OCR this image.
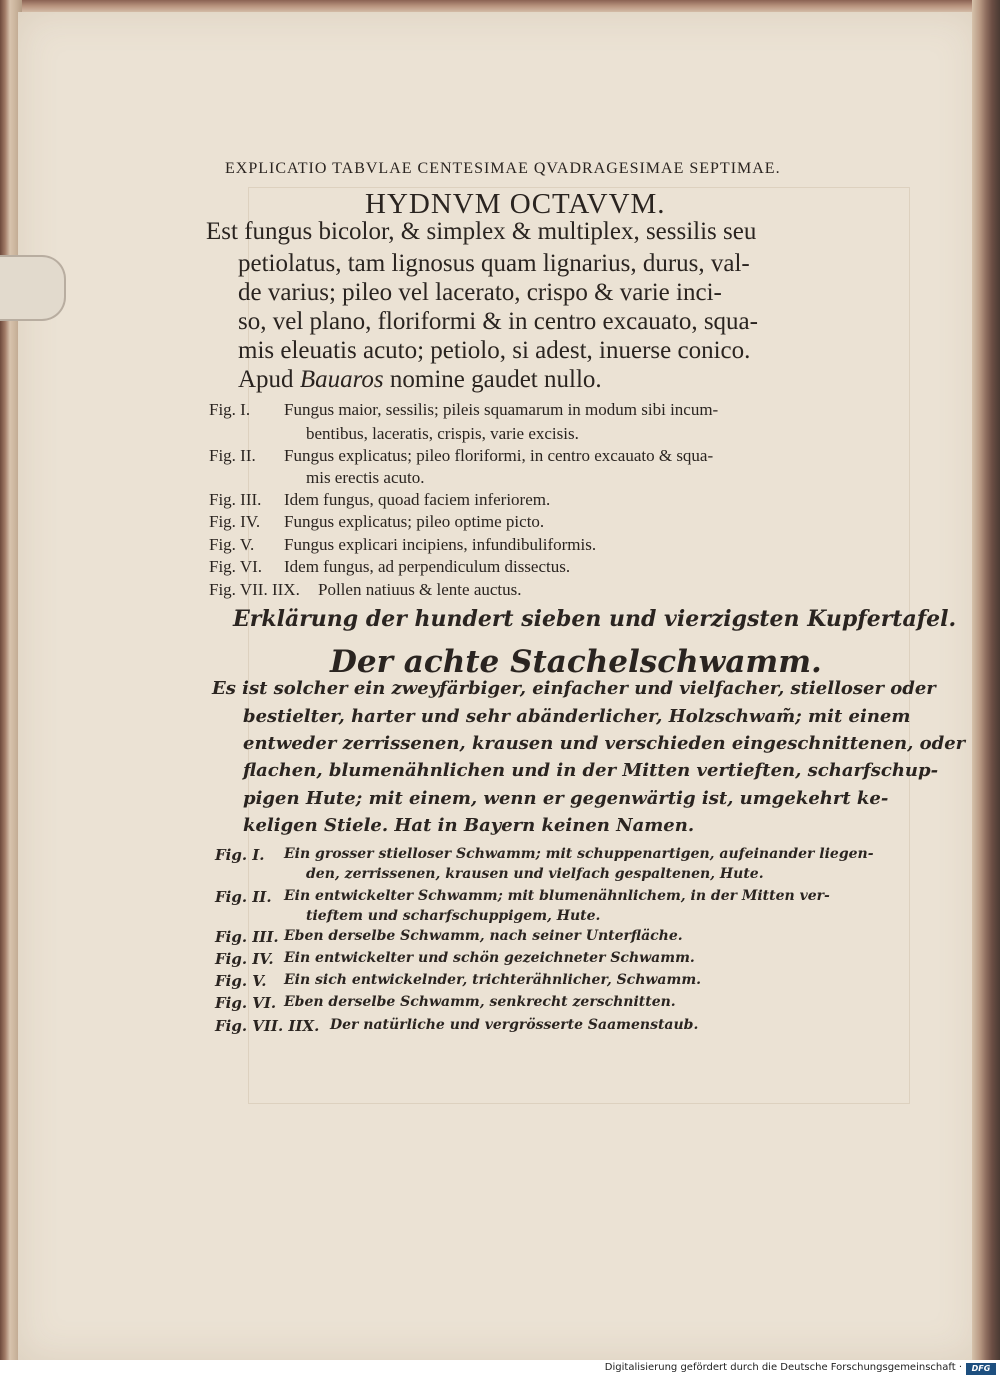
EXPLICATIO TABVLAE CENTESIMAE QVADRAGESIMAE SEPTIMAE.
HYDNVM OCTAVVM.
Est fungus bicolor, & simplex & multiplex, sessilis seu
petiolatus, tam lignosus quam lignarius, durus, val-
de varius; pileo vel lacerato, crispo & varie inci-
so, vel plano, floriformi & in centro excauato, squa-
mis eleuatis acuto; petiolo, si adest, inuerse conico.
Apud Bauaros nomine gaudet nullo.
Fig. I. Fungus maior, sessilis; pileis squamarum in modum sibi incum-
bentibus, laceratis, crispis, varie excisis.
Fig. II. Fungus explicatus; pileo floriformi, in centro excauato & squa-
mis erectis acuto.
Fig. III. Idem fungus, quoad faciem inferiorem.
Fig. IV. Fungus explicatus; pileo optime picto.
Fig. V. Fungus explicari incipiens, infundibuliformis.
Fig. VI. Idem fungus, ad perpendiculum dissectus.
Fig. VII. IIX. Pollen natiuus & lente auctus.
Erklärung der hundert sieben und vierzigsten Kupfertafel.
Der achte Stachelschwamm.
Es ist solcher ein zweyfärbiger, einfacher und vielfacher, stielloser oder
bestielter, harter und sehr abänderlicher, Holzschwam̃; mit einem
entweder zerrissenen, krausen und verschieden eingeschnittenen, oder
flachen, blumenähnlichen und in der Mitten vertieften, scharfschup-
pigen Hute; mit einem, wenn er gegenwärtig ist, umgekehrt ke-
keligen Stiele. Hat in Bayern keinen Namen.
Fig. I. Ein grosser stielloser Schwamm; mit schuppenartigen, aufeinander liegen-
den, zerrissenen, krausen und vielfach gespaltenen, Hute.
Fig. II. Ein entwickelter Schwamm; mit blumenähnlichem, in der Mitten ver-
tieftem und scharfschuppigem, Hute.
Fig. III. Eben derselbe Schwamm, nach seiner Unterfläche.
Fig. IV. Ein entwickelter und schön gezeichneter Schwamm.
Fig. V. Ein sich entwickelnder, trichterähnlicher, Schwamm.
Fig. VI. Eben derselbe Schwamm, senkrecht zerschnitten.
Fig. VII. IIX. Der natürliche und vergrösserte Saamenstaub.
Digitalisierung gefördert durch die Deutsche Forschungsgemeinschaft ·	DFG
